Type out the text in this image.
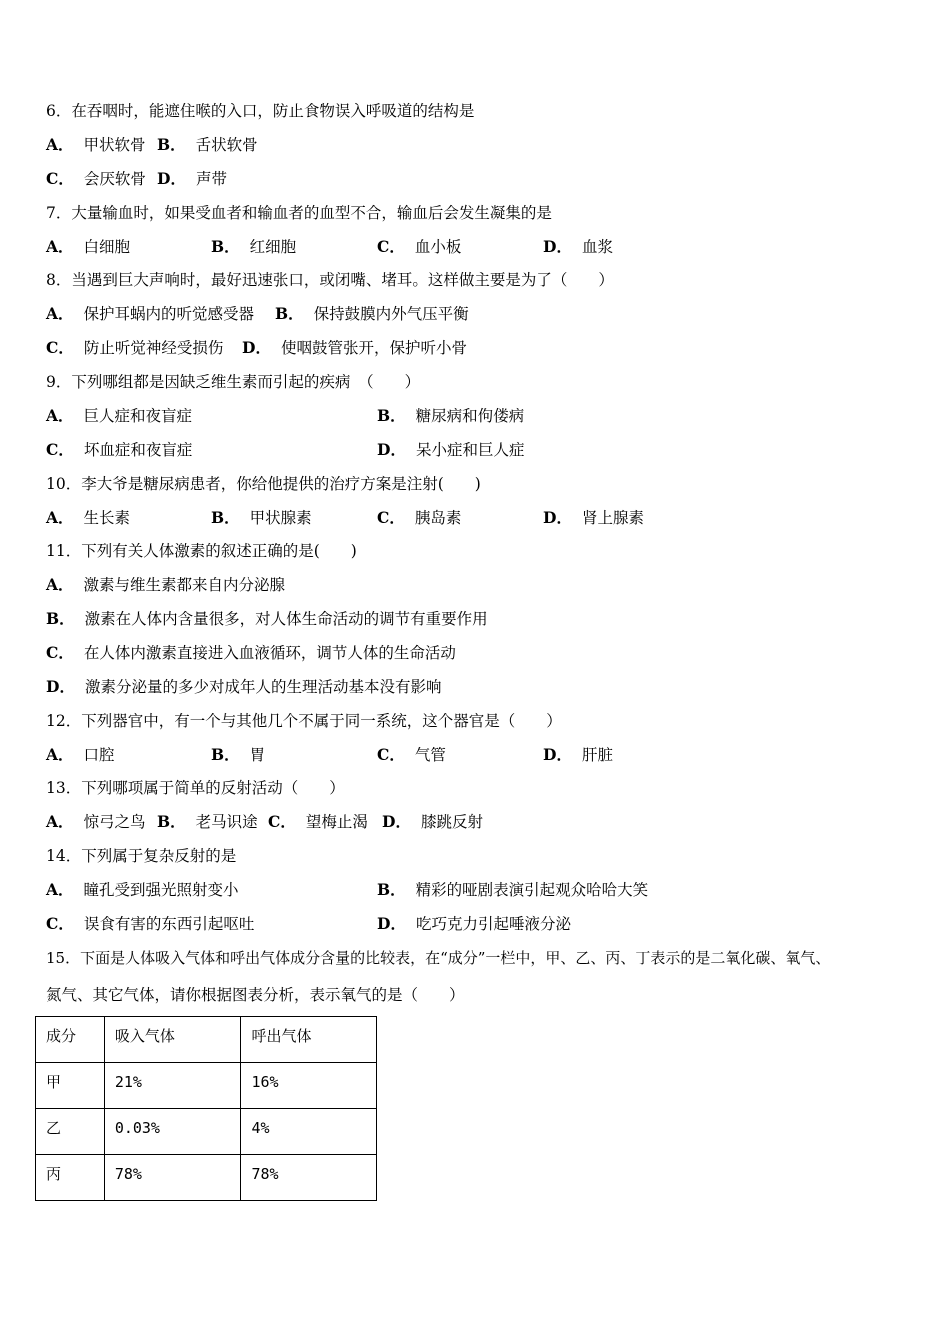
6．在吞咽时，能遮住喉的入口，防止食物误入呼吸道的结构是
A． 甲状软骨 B． 舌状软骨
C． 会厌软骨 D． 声带
7．大量输血时，如果受血者和输血者的血型不合，输血后会发生凝集的是
A． 白细胞	B． 红细胞	C． 血小板	D． 血浆
8．当遇到巨大声响时，最好迅速张口，或闭嘴、堵耳。这样做主要是为了（　　）
A． 保护耳蜗内的听觉感受器 B． 保持鼓膜内外气压平衡
C． 防止听觉神经受损伤 D． 使咽鼓管张开，保护听小骨
9．下列哪组都是因缺乏维生素而引起的疾病　（　　）
A． 巨人症和夜盲症	B． 糖尿病和佝偻病
C． 坏血症和夜盲症	D． 呆小症和巨人症
10．李大爷是糖尿病患者，你给他提供的治疗方案是注射(　　)
A． 生长素	B． 甲状腺素	C． 胰岛素	D． 肾上腺素
11．下列有关人体激素的叙述正确的是(　　)
A． 激素与维生素都来自内分泌腺
B． 激素在人体内含量很多，对人体生命活动的调节有重要作用
C． 在人体内激素直接进入血液循环，调节人体的生命活动
D． 激素分泌量的多少对成年人的生理活动基本没有影响
12．下列器官中，有一个与其他几个不属于同一系统，这个器官是（　　）
A． 口腔	B． 胃	C． 气管	D． 肝脏
13．下列哪项属于简单的反射活动（　　）
A． 惊弓之鸟 B． 老马识途 C． 望梅止渴 D． 膝跳反射
14．下列属于复杂反射的是
A． 瞳孔受到强光照射变小	B． 精彩的哑剧表演引起观众哈哈大笑
C． 误食有害的东西引起呕吐	D． 吃巧克力引起唾液分泌
15．下面是人体吸入气体和呼出气体成分含量的比较表，在“成分”一栏中，甲、乙、丙、丁表示的是二氧化碳、氧气、
氮气、其它气体，请你根据图表分析，表示氧气的是（　　）
成分	吸入气体	呼出气体
甲	21%	16%
乙	0.03%	4%
丙	78%	78%
